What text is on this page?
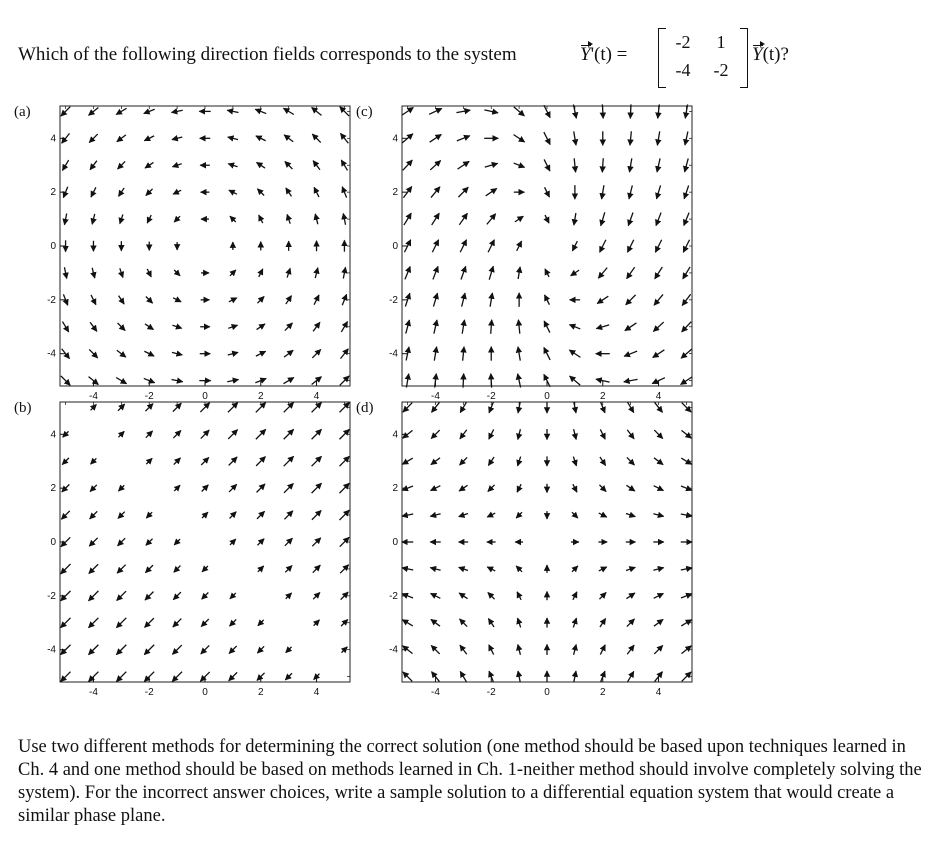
Which of the following direction fields corresponds to the system	Y'(t) =
-2	1
-4	-2
Y(t)?
(a)
(b)
(c)
(d)
-4
4
-2
2
0
0
2
-2
4
-4
-4
4
-2
2
0
0
2
-2
4
-4
-4
4
-2
2
0
0
2
-2
4
-4
-4
4
-2
2
0
0
2
-2
4
-4
Use two different methods for determining the correct solution (one method should be based upon techniques learned in Ch. 4 and one method should be based on methods learned in Ch. 1-neither method should involve completely solving the system). For the incorrect answer choices, write a sample solution to a differential equation system that would create a similar phase plane.
